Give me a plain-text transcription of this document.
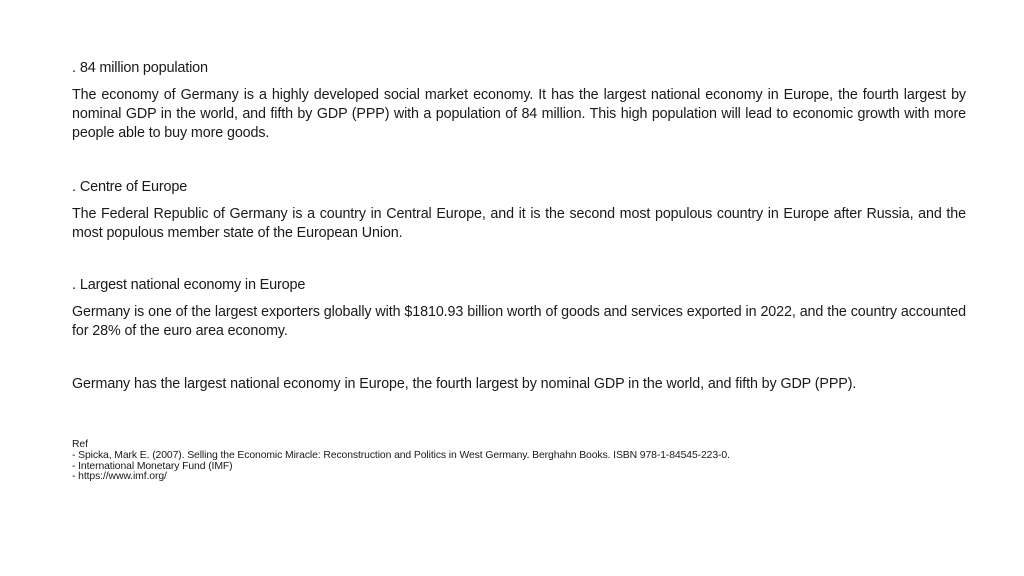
. 84 million population

The economy of Germany is a highly developed social market economy. It has the largest national economy in Europe, the fourth largest by nominal GDP in the world, and fifth by GDP (PPP) with a population of 84 million. This high population will lead to economic growth with more people able to buy more goods.

. Centre of Europe

The Federal Republic of Germany is a country in Central Europe, and it is the second most populous country in Europe after Russia, and the most populous member state of the European Union.

. Largest national economy in Europe

Germany is one of the largest exporters globally with $1810.93 billion worth of goods and services exported in 2022, and the country accounted for 28% of the euro area economy.

Germany has the largest national economy in Europe, the fourth largest by nominal GDP in the world, and fifth by GDP (PPP).

Ref
- Spicka, Mark E. (2007). Selling the Economic Miracle: Reconstruction and Politics in West Germany. Berghahn Books. ISBN 978-1-84545-223-0.
- International Monetary Fund (IMF)
- https://www.imf.org/
